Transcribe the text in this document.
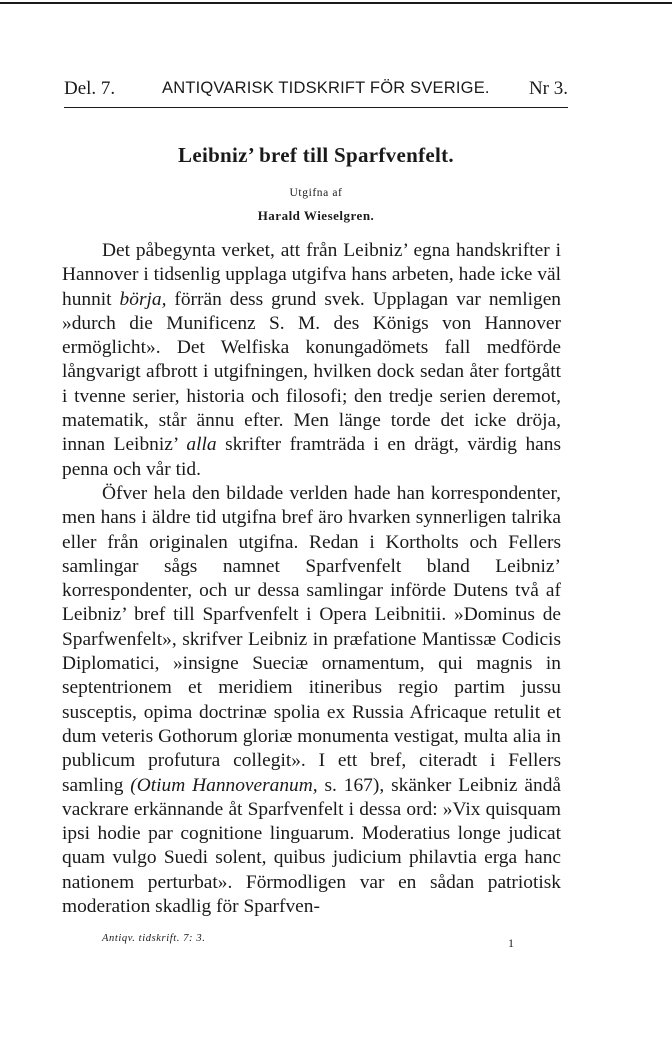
Del. 7.	ANTIQVARISK TIDSKRIFT FÖR SVERIGE. Nr 3.
Leibniz’ bref till Sparfvenfelt.
Utgifna af
Harald Wieselgren.

Det påbegynta verket, att från Leibniz’ egna handskrifter i Hannover i tidsenlig upplaga utgifva hans arbeten, hade icke väl hunnit börja, förrän dess grund svek. Upplagan var nemligen »durch die Munificenz S. M. des Königs von Hannover ermöglicht». Det Welfiska konungadömets fall medförde långvarigt afbrott i utgifningen, hvilken dock sedan åter fortgått i tvenne serier, historia och filosofi; den tredje serien deremot, matematik, står ännu efter. Men länge torde det icke dröja, innan Leibniz’ alla skrifter framträda i en drägt, värdig hans penna och vår tid.

Öfver hela den bildade verlden hade han korrespondenter, men hans i äldre tid utgifna bref äro hvarken synnerligen talrika eller från originalen utgifna. Redan i Kortholts och Fellers samlingar sågs namnet Sparfvenfelt bland Leibniz’ korrespondenter, och ur dessa samlingar införde Dutens två af Leibniz’ bref till Sparfvenfelt i Opera Leibnitii. »Dominus de Sparfwenfelt», skrifver Leibniz in præfatione Mantissæ Codicis Diplomatici, »insigne Sueciæ ornamentum, qui magnis in septentrionem et meridiem itineribus regio partim jussu susceptis, opima doctrinæ spolia ex Russia Africaque retulit et dum veteris Gothorum gloriæ monumenta vestigat, multa alia in publicum profutura collegit». I ett bref, citeradt i Fellers samling (Otium Hannoveranum, s. 167), skänker Leibniz ändå vackrare erkännande åt Sparfvenfelt i dessa ord: »Vix quisquam ipsi hodie par cognitione linguarum. Moderatius longe judicat quam vulgo Suedi solent, quibus judicium philavtia erga hanc nationem perturbat». Förmodligen var en sådan patriotisk moderation skadlig för Sparfven-

Antiqv. tidskrift. 7: 3.	1
